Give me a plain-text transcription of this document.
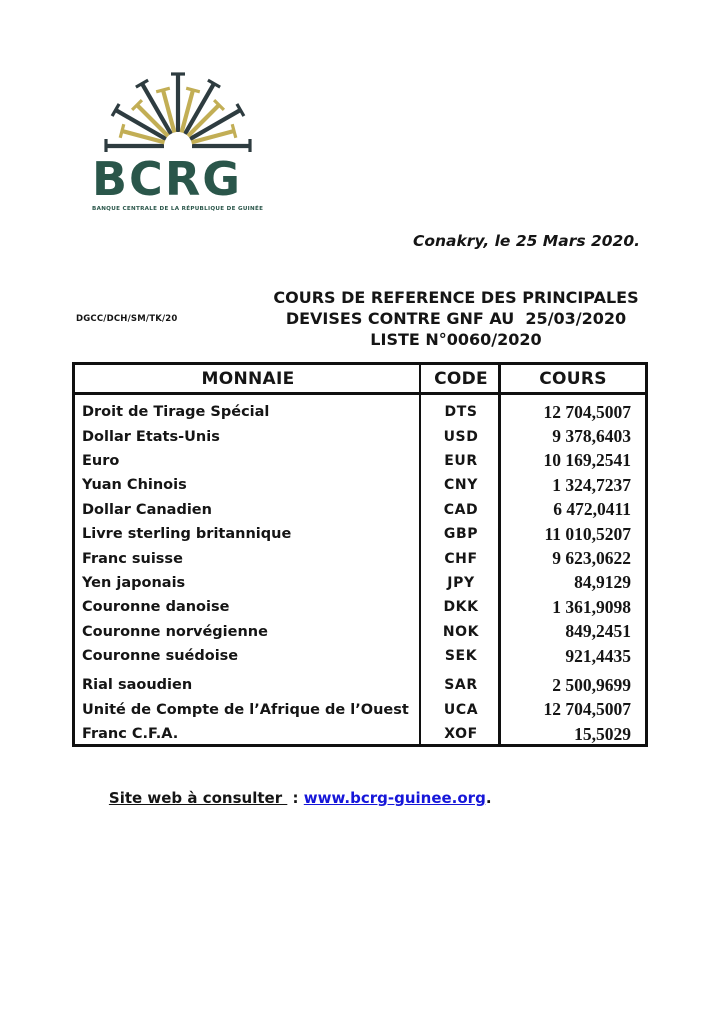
BCRG
BANQUE CENTRALE DE LA RÉPUBLIQUE DE GUINÉE
Conakry, le 25 Mars 2020.
DGCC/DCH/SM/TK/20
COURS DE REFERENCE DES PRINCIPALES
DEVISES CONTRE GNF AU  25/03/2020
LISTE N°0060/2020
MONNAIE	CODE	COURS
Droit de Tirage Spécial	DTS	12 704,5007
Dollar Etats-Unis	USD	9 378,6403
Euro	EUR	10 169,2541
Yuan Chinois	CNY	1 324,7237
Dollar Canadien	CAD	6 472,0411
Livre sterling britannique	GBP	11 010,5207
Franc suisse	CHF	9 623,0622
Yen japonais	JPY	84,9129
Couronne danoise	DKK	1 361,9098
Couronne norvégienne	NOK	849,2451
Couronne suédoise	SEK	921,4435
Rial saoudien	SAR	2 500,9699
Unité de Compte de l’Afrique de l’Ouest	UCA	12 704,5007
Franc C.F.A.	XOF	15,5029

Site web à consulter  : www.bcrg-guinee.org.
